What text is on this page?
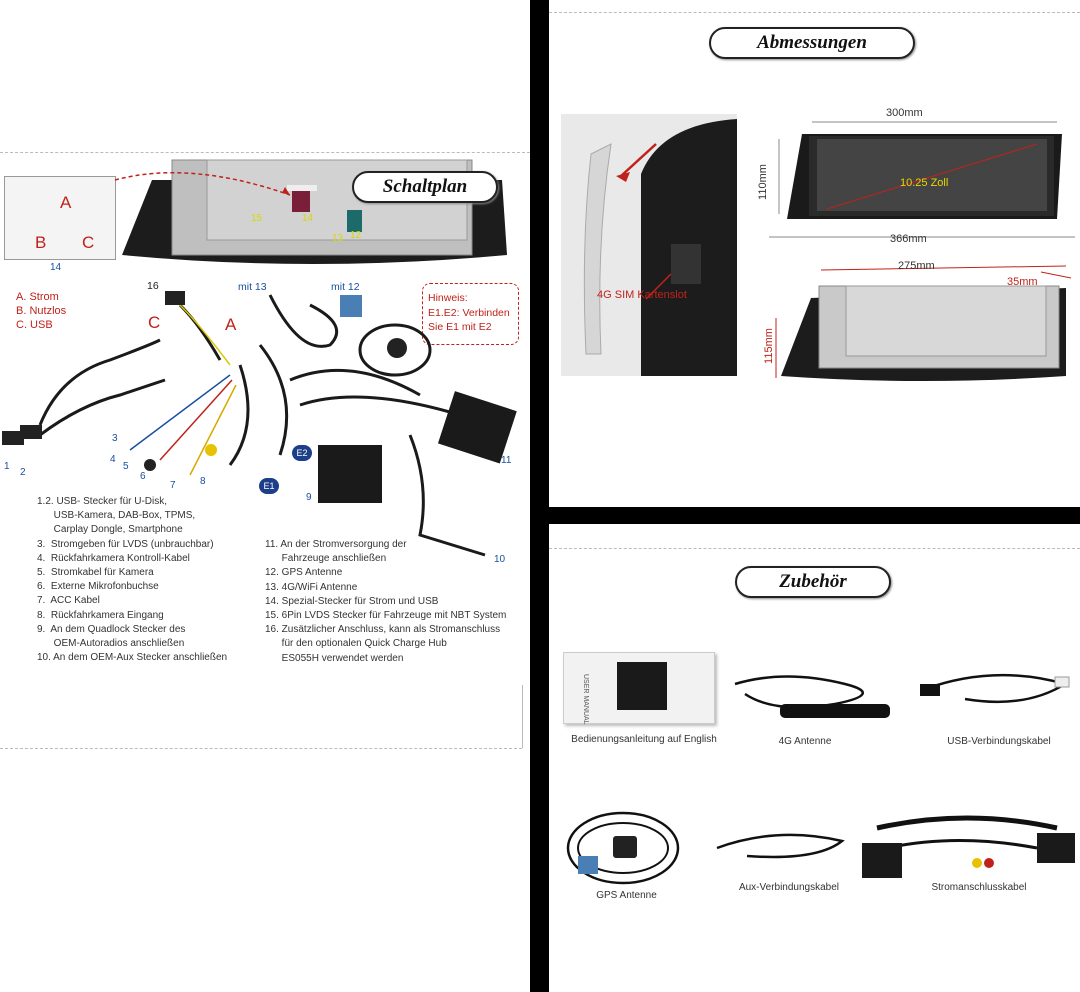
A
B C
14
Schaltplan
15	14
13 12
A. Strom
B. Nutzlos
C. USB
Hinweis:
E1.E2: Verbinden
Sie E1 mit E2
mit 13	mit 12
16
A
C
1
2
3
4
5
6
7 8
9
10
11
E2
E1
1.2. USB- Stecker für U-Disk,
USB-Kamera, DAB-Box, TPMS,
Carplay Dongle, Smartphone
3.  Stromgeben für LVDS (unbrauchbar)
4.  Rückfahrkamera Kontroll-Kabel
5.  Stromkabel für Kamera
6.  Externe Mikrofonbuchse
7.  ACC Kabel
8.  Rückfahrkamera Eingang
9.  An dem Quadlock Stecker des
OEM-Autoradios anschließen
10. An dem OEM-Aux Stecker anschließen
11. An der Stromversorgung der
Fahrzeuge anschließen
12. GPS Antenne
13. 4G/WiFi Antenne
14. Spezial-Stecker für Strom und USB
15. 6Pin LVDS Stecker für Fahrzeuge mit NBT System
16. Zusätzlicher Anschluss, kann als Stromanschluss
für den optionalen Quick Charge Hub
ES055H verwendet werden
Abmessungen
4G SIM Kartenslot
300mm
110mm	10.25 Zoll
366mm
275mm
35mm
115mm
Zubehör
USER MANUAL
Bedienungsanleitung auf English	4G Antenne	USB-Verbindungskabel
GPS Antenne
Aux-Verbindungskabel	Stromanschlusskabel
